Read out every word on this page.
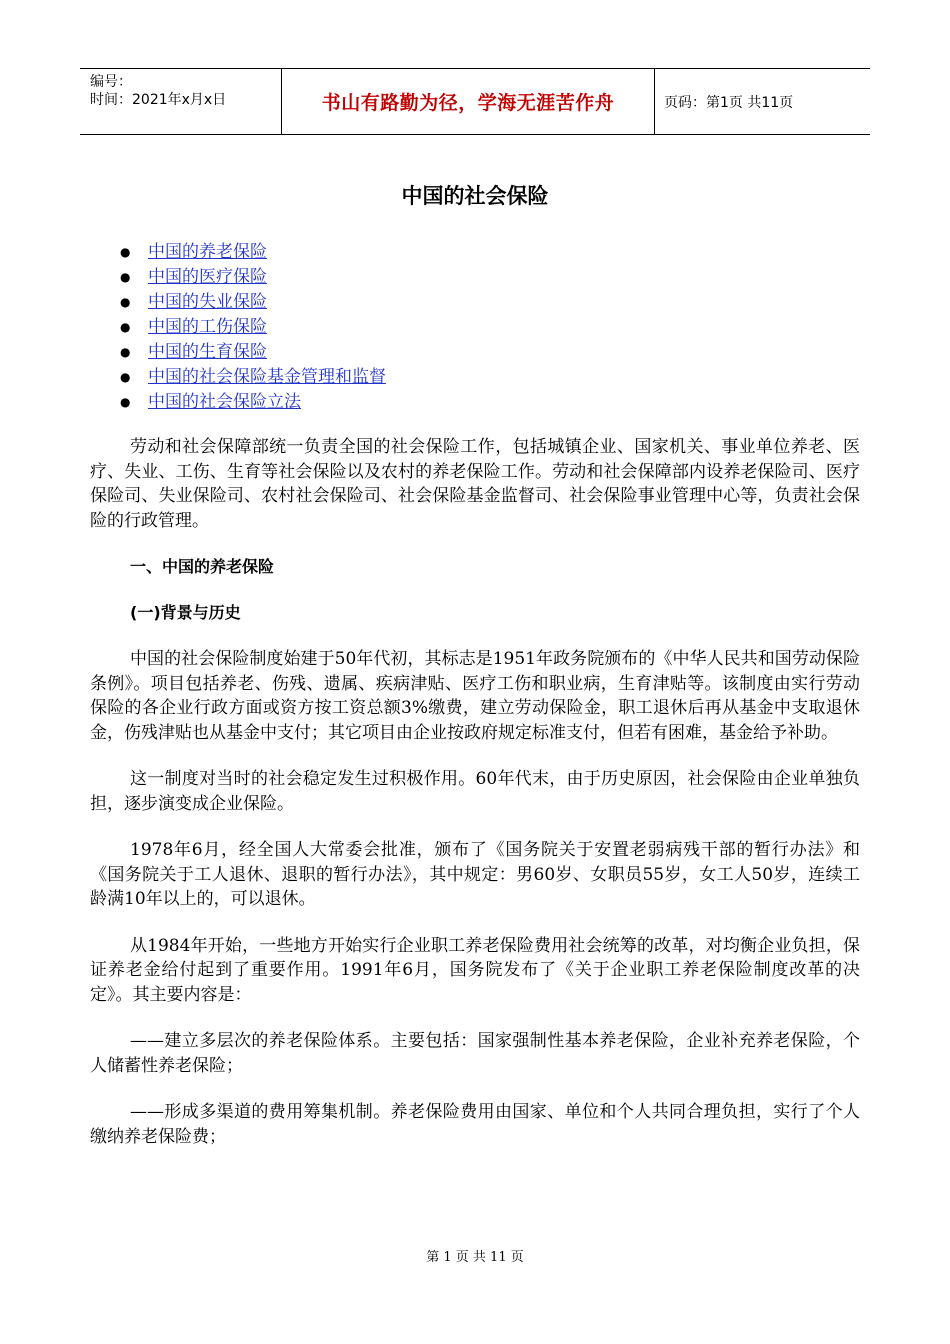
编号：
时间：2021年x月x日	书山有路勤为径，学海无涯苦作舟	页码：第1页 共11页
中国的社会保险
● 中国的养老保险
● 中国的医疗保险
● 中国的失业保险
● 中国的工伤保险
● 中国的生育保险
● 中国的社会保险基金管理和监督
● 中国的社会保险立法

劳动和社会保障部统一负责全国的社会保险工作，包括城镇企业、国家机关、事业单位养老、医疗、失业、工伤、生育等社会保险以及农村的养老保险工作。劳动和社会保障部内设养老保险司、医疗保险司、失业保险司、农村社会保险司、社会保险基金监督司、社会保险事业管理中心等，负责社会保险的行政管理。

一、中国的养老保险
(一)背景与历史

中国的社会保险制度始建于50年代初，其标志是1951年政务院颁布的《中华人民共和国劳动保险条例》。项目包括养老、伤残、遗属、疾病津贴、医疗工伤和职业病，生育津贴等。该制度由实行劳动保险的各企业行政方面或资方按工资总额3%缴费，建立劳动保险金，职工退休后再从基金中支取退休金，伤残津贴也从基金中支付；其它项目由企业按政府规定标准支付，但若有困难，基金给予补助。

这一制度对当时的社会稳定发生过积极作用。60年代末，由于历史原因，社会保险由企业单独负担，逐步演变成企业保险。

1978年6月，经全国人大常委会批准，颁布了《国务院关于安置老弱病残干部的暂行办法》和《国务院关于工人退休、退职的暂行办法》，其中规定：男60岁、女职员55岁，女工人50岁，连续工龄满10年以上的，可以退休。

从1984年开始，一些地方开始实行企业职工养老保险费用社会统筹的改革，对均衡企业负担，保证养老金给付起到了重要作用。1991年6月，国务院发布了《关于企业职工养老保险制度改革的决定》。其主要内容是：

——建立多层次的养老保险体系。主要包括：国家强制性基本养老保险，企业补充养老保险，个人储蓄性养老保险；

——形成多渠道的费用筹集机制。养老保险费用由国家、单位和个人共同合理负担，实行了个人缴纳养老保险费；

第 1 页 共 11 页
